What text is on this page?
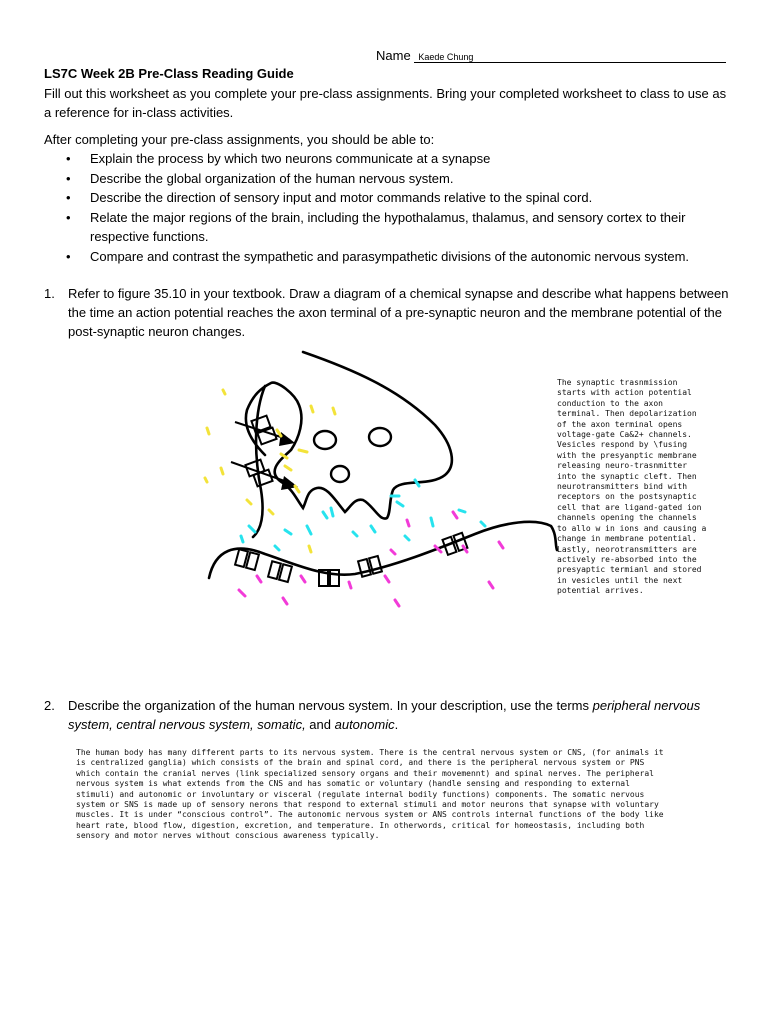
Name Kaede Chung
LS7C Week 2B Pre-Class Reading Guide
Fill out this worksheet as you complete your pre-class assignments. Bring your completed worksheet to class to use as a reference for in-class activities.
After completing your pre-class assignments, you should be able to:
• Explain the process by which two neurons communicate at a synapse
• Describe the global organization of the human nervous system.
• Describe the direction of sensory input and motor commands relative to the spinal cord.
• Relate the major regions of the brain, including the hypothalamus, thalamus, and sensory cortex to their respective functions.
• Compare and contrast the sympathetic and parasympathetic divisions of the autonomic nervous system.
1. Refer to figure 35.10 in your textbook. Draw a diagram of a chemical synapse and describe what happens between the time an action potential reaches the axon terminal of a pre-synaptic neuron and the membrane potential of the post-synaptic neuron changes.
The synaptic trasnmission starts with action potential conduction to the axon terminal. Then depolarization of the axon terminal opens voltage-gate Ca&2+ channels. Vesicles respond by \fusing with the presyanptic membrane releasing neuro-trasnmitter into the synaptic cleft. Then neurotransmitters bind with receptors on the postsynaptic cell that are ligand-gated ion channels opening the channels to allo w in ions and causing a change in membrane potential. Lastly, neorotransmitters are actively re-absorbed into the presyaptic termianl and stored in vesicles until the next potential arrives.
2. Describe the organization of the human nervous system. In your description, use the terms peripheral nervous system, central nervous system, somatic, and autonomic.
The human body has many different parts to its nervous system. There is the central nervous system or CNS, (for animals it is centralized ganglia) which consists of the brain and spinal cord, and there is the peripheral nervous system or PNS which contain the cranial nerves (link specialized sensory organs and their movemennt) and spinal nerves. The peripheral nervous system is what extends from the CNS and has somatic or voluntary (handle sensing and responding to external stimuli) and autonomic or involuntary or visceral (regulate internal bodily functions) components. The somatic nervous system or SNS is made up of sensory nerons that respond to external stimuli and motor neurons that synapse with voluntary muscles. It is under “conscious control”. The autonomic nervous system or ANS controls internal functions of the body like heart rate, blood flow, digestion, excretion, and temperature. In otherwords, critical for homeostasis, including both sensory and motor nerves without conscious awareness typically.
